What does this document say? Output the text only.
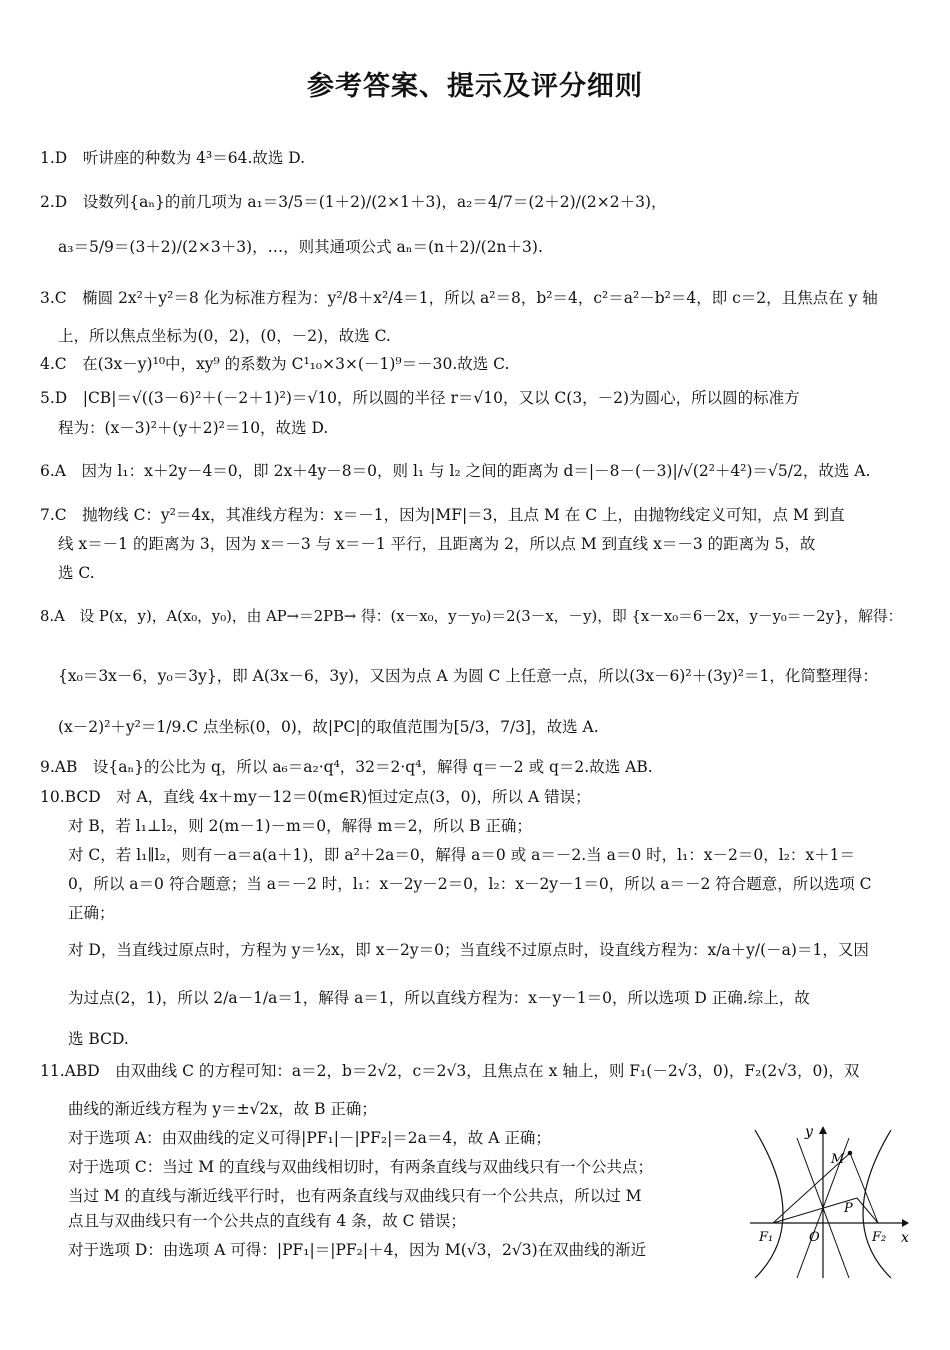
参考答案、提示及评分细则
1.D　听讲座的种数为 4³＝64.故选 D.
2.D　设数列{aₙ}的前几项为 a₁＝3/5＝(1＋2)/(2×1＋3)，a₂＝4/7＝(2＋2)/(2×2＋3)，
a₃＝5/9＝(3＋2)/(2×3＋3)，…，则其通项公式 aₙ＝(n＋2)/(2n＋3).
3.C　椭圆 2x²＋y²＝8 化为标准方程为：y²/8＋x²/4＝1，所以 a²＝8，b²＝4，c²＝a²－b²＝4，即 c＝2，且焦点在 y 轴
上，所以焦点坐标为(0，2)，(0，－2)，故选 C.
4.C　在(3x－y)¹⁰中，xy⁹ 的系数为 C¹₁₀×3×(－1)⁹＝－30.故选 C.
5.D　|CB|＝√((3－6)²＋(－2＋1)²)＝√10，所以圆的半径 r＝√10，又以 C(3，－2)为圆心，所以圆的标准方
程为：(x－3)²＋(y＋2)²＝10，故选 D.
6.A　因为 l₁：x＋2y－4＝0，即 2x＋4y－8＝0，则 l₁ 与 l₂ 之间的距离为 d＝|－8－(－3)|/√(2²＋4²)＝√5/2，故选 A.
7.C　抛物线 C：y²＝4x，其准线方程为：x＝－1，因为|MF|＝3，且点 M 在 C 上，由抛物线定义可知，点 M 到直
线 x＝－1 的距离为 3，因为 x＝－3 与 x＝－1 平行，且距离为 2，所以点 M 到直线 x＝－3 的距离为 5，故
选 C.
8.A　设 P(x，y)，A(x₀，y₀)，由 AP→＝2PB→ 得：(x－x₀，y－y₀)＝2(3－x，－y)，即 {x－x₀＝6－2x，y－y₀＝－2y}，解得：
{x₀＝3x－6，y₀＝3y}，即 A(3x－6，3y)，又因为点 A 为圆 C 上任意一点，所以(3x－6)²＋(3y)²＝1，化简整理得：
(x－2)²＋y²＝1/9.C 点坐标(0，0)，故|PC|的取值范围为[5/3，7/3]，故选 A.
9.AB　设{aₙ}的公比为 q，所以 a₆＝a₂·q⁴，32＝2·q⁴，解得 q＝－2 或 q＝2.故选 AB.
10.BCD　对 A，直线 4x＋my－12＝0(m∈R)恒过定点(3，0)，所以 A 错误；
对 B，若 l₁⊥l₂，则 2(m－1)－m＝0，解得 m＝2，所以 B 正确；
对 C，若 l₁∥l₂，则有－a＝a(a＋1)，即 a²＋2a＝0，解得 a＝0 或 a＝－2.当 a＝0 时，l₁：x－2＝0，l₂：x＋1＝
0，所以 a＝0 符合题意；当 a＝－2 时，l₁：x－2y－2＝0，l₂：x－2y－1＝0，所以 a＝－2 符合题意，所以选项 C
正确；
对 D，当直线过原点时，方程为 y＝½x，即 x－2y＝0；当直线不过原点时，设直线方程为：x/a＋y/(－a)＝1，又因
为过点(2，1)，所以 2/a－1/a＝1，解得 a＝1，所以直线方程为：x－y－1＝0，所以选项 D 正确.综上，故
选 BCD.
11.ABD　由双曲线 C 的方程可知：a＝2，b＝2√2，c＝2√3，且焦点在 x 轴上，则 F₁(－2√3，0)，F₂(2√3，0)，双
曲线的渐近线方程为 y＝±√2x，故 B 正确；
对于选项 A：由双曲线的定义可得|PF₁|－|PF₂|＝2a＝4，故 A 正确；
对于选项 C：当过 M 的直线与双曲线相切时，有两条直线与双曲线只有一个公共点；
当过 M 的直线与渐近线平行时，也有两条直线与双曲线只有一个公共点，所以过 M
点且与双曲线只有一个公共点的直线有 4 条，故 C 错误；
对于选项 D：由选项 A 可得：|PF₁|＝|PF₂|＋4，因为 M(√3，2√3)在双曲线的渐近
y
x
M
P
O
F₁	F₂
